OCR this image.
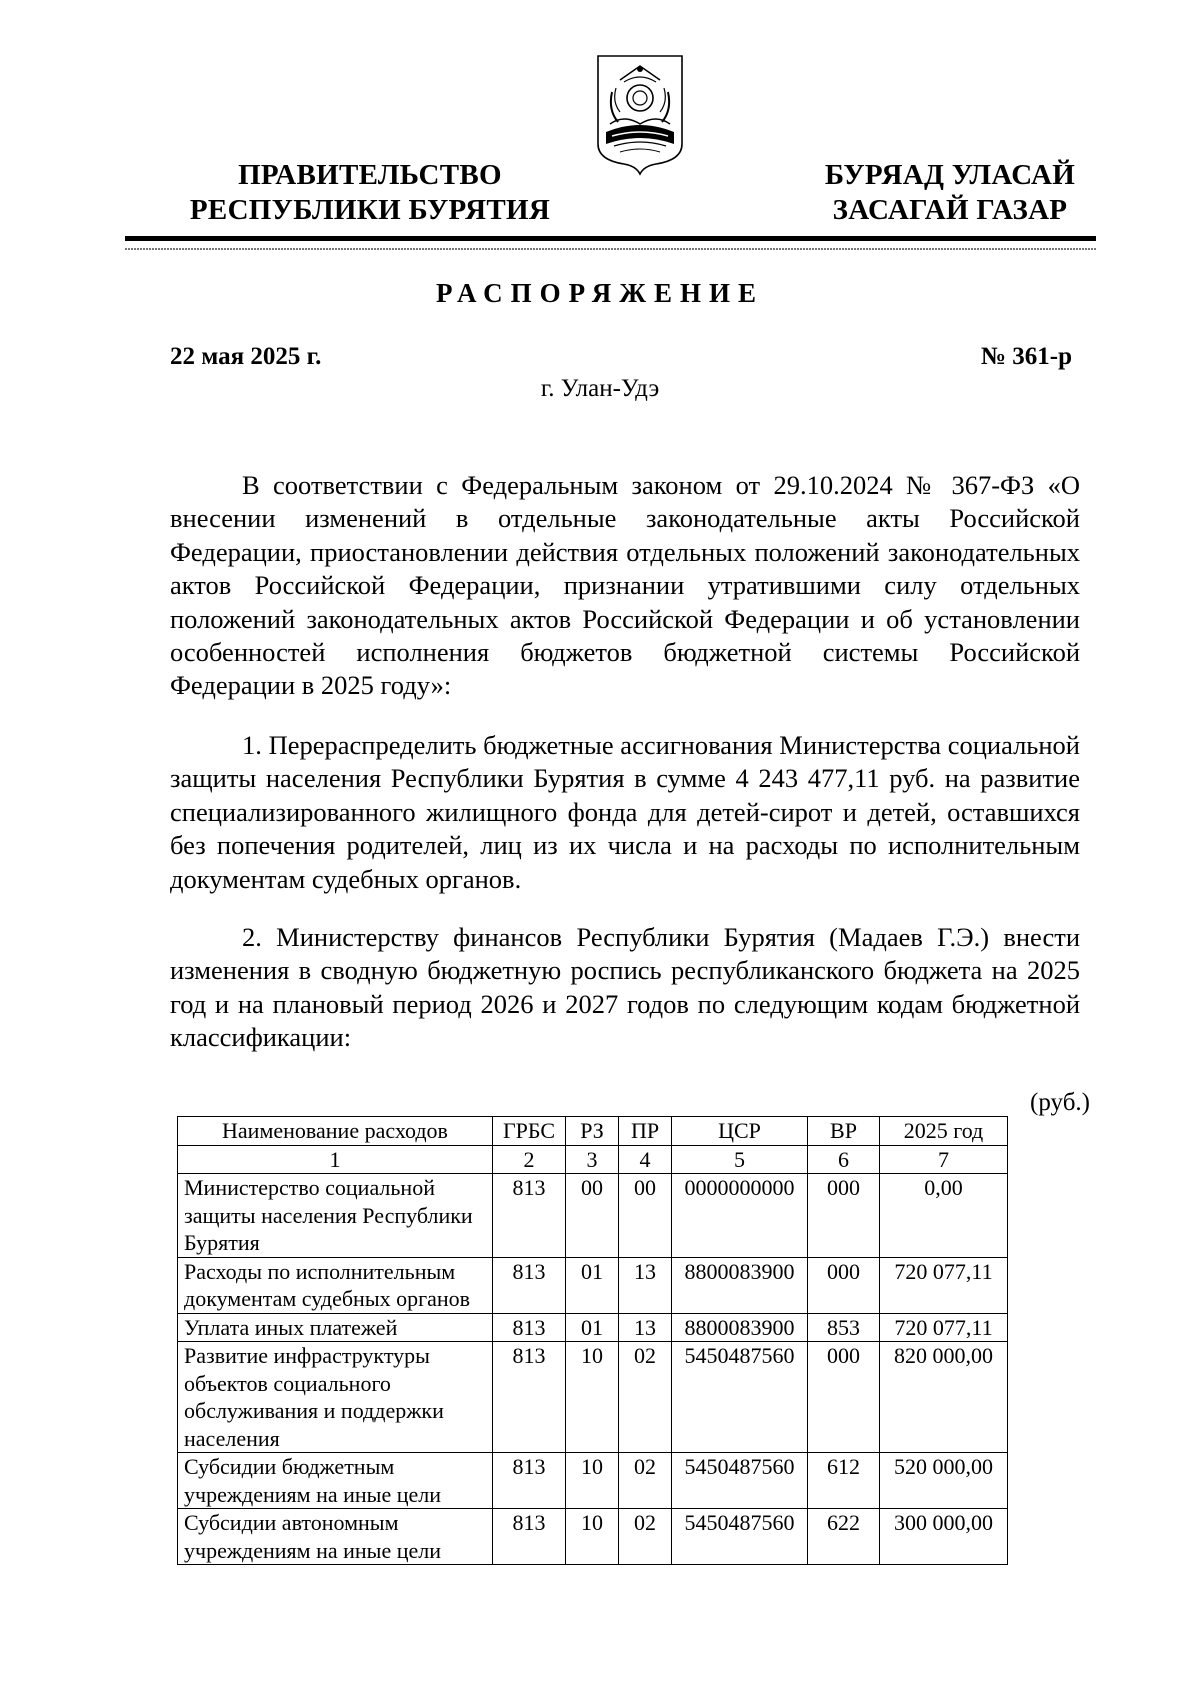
ПРАВИТЕЛЬСТВО
РЕСПУБЛИКИ БУРЯТИЯ
БУРЯАД УЛАСАЙ
ЗАСАГАЙ ГАЗАР
РАСПОРЯЖЕНИЕ
22 мая 2025 г.	№ 361-р
г. Улан-Удэ

В соответствии с Федеральным законом от 29.10.2024 № 367-ФЗ «О внесении изменений в отдельные законодательные акты Российской Федерации, приостановлении действия отдельных положений законодательных актов Российской Федерации, признании утратившими силу отдельных положений законодательных актов Российской Федерации и об установлении особенностей исполнения бюджетов бюджетной системы Российской Федерации в 2025 году»:

1. Перераспределить бюджетные ассигнования Министерства социальной защиты населения Республики Бурятия в сумме 4 243 477,11 руб. на развитие специализированного жилищного фонда для детей-сирот и детей, оставшихся без попечения родителей, лиц из их числа и на расходы по исполнительным документам судебных органов.

2. Министерству финансов Республики Бурятия (Мадаев Г.Э.) внести изменения в сводную бюджетную роспись республиканского бюджета на 2025 год и на плановый период 2026 и 2027 годов по следующим кодам бюджетной классификации:

(руб.)
Наименование расходов	ГРБС	РЗ	ПР	ЦСР	ВР	2025 год
1	2	3	4	5	6	7
Министерство социальной защиты населения Республики Бурятия	813	00	00	0000000000	000	0,00
Расходы по исполнительным документам судебных органов	813	01	13	8800083900	000	720 077,11
Уплата иных платежей	813	01	13	8800083900	853	720 077,11
Развитие инфраструктуры объектов социального обслуживания и поддержки населения	813	10	02	5450487560	000	820 000,00
Субсидии бюджетным учреждениям на иные цели	813	10	02	5450487560	612	520 000,00
Субсидии автономным учреждениям на иные цели	813	10	02	5450487560	622	300 000,00
